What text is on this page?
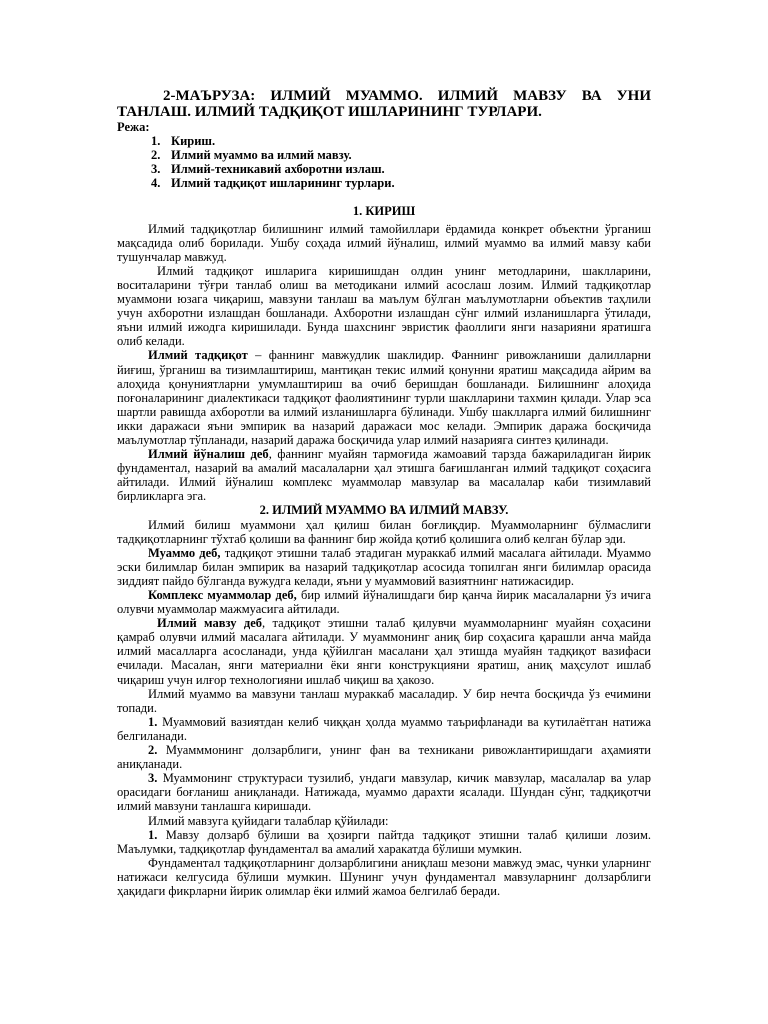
2-МАЪРУЗА: ИЛМИЙ МУАММО. ИЛМИЙ МАВЗУ ВА УНИ ТАНЛАШ. ИЛМИЙ ТАДҚИҚОТ ИШЛАРИНИНГ ТУРЛАРИ.

Режа:

1. Кириш.
2. Илмий муаммо ва илмий мавзу.
3. Илмий-техникавий ахборотни излаш.
4. Илмий тадқиқот ишларининг турлари.
1. КИРИШ

Илмий тадқиқотлар билишнинг илмий тамойиллари ёрдамида конкрет объектни ўрганиш мақсадида олиб борилади. Ушбу соҳада илмий йўналиш, илмий муаммо ва илмий мавзу каби тушунчалар мавжуд.

Илмий тадқиқот ишларига киришишдан олдин унинг методларини, шаклларини, воситаларини тўғри танлаб олиш ва методикани илмий асослаш лозим. Илмий тадқиқотлар муаммони юзага чиқариш, мавзуни танлаш ва маълум бўлган маълумотларни объектив таҳлили учун ахборотни излашдан бошланади. Ахборотни излашдан сўнг илмий изланишларга ўтилади, яъни илмий ижодга киришилади. Бунда шахснинг эвристик фаоллиги янги назарияни яратишга олиб келади.

Илмий тадқиқот – фаннинг мавжудлик шаклидир. Фаннинг ривожланиши далилларни йиғиш, ўрганиш ва тизимлаштириш, мантиқан текис илмий қонунни яратиш мақсадида айрим ва алоҳида қонуниятларни умумлаштириш ва очиб беришдан бошланади. Билишнинг алоҳида поғоналарининг диалектикаси тадқиқот фаолиятининг турли шаклларини тахмин қилади. Улар эса шартли равишда ахборотли ва илмий изланишларга бўлинади. Ушбу шаклларга илмий билишнинг икки даражаси яъни эмпирик ва назарий даражаси мос келади. Эмпирик даража босқичида маълумотлар тўпланади, назарий даража босқичида улар илмий назарияга синтез қилинади.

Илмий йўналиш деб, фаннинг муайян тармоғида жамоавий тарзда бажариладиган йирик фундаментал, назарий ва амалий масалаларни ҳал этишга бағишланган илмий тадқиқот соҳасига айтилади. Илмий йўналиш комплекс муаммолар мавзулар ва масалалар каби тизимлавий бирликларга эга.

2. ИЛМИЙ МУАММО ВА ИЛМИЙ МАВЗУ.

Илмий билиш муаммони ҳал қилиш билан боғлиқдир. Муаммоларнинг бўлмаслиги тадқиқотларнинг тўхтаб қолиши ва фаннинг бир жойда қотиб қолишига олиб келган бўлар эди.

Муаммо деб, тадқиқот этишни талаб этадиган мураккаб илмий масалага айтилади. Муаммо эски билимлар билан эмпирик ва назарий тадқиқотлар асосида топилган янги билимлар орасида зиддият пайдо бўлганда вужудга келади, яъни у муаммовий вазиятнинг натижасидир.

Комплекс муаммолар деб, бир илмий йўналишдаги бир қанча йирик масалаларни ўз ичига олувчи муаммолар мажмуасига айтилади.

Илмий мавзу деб, тадқиқот этишни талаб қилувчи муаммоларнинг муайян соҳасини қамраб олувчи илмий масалага айтилади. У муаммонинг аниқ бир соҳасига қарашли анча майда илмий масалларга асосланади, унда қўйилган масалани ҳал этишда муайян тадқиқот вазифаси ечилади. Масалан, янги материални ёки янги конструкцияни яратиш, аниқ маҳсулот ишлаб чиқариш учун илғор технологияни ишлаб чиқиш ва ҳакозо.

Илмий муаммо ва мавзуни танлаш мураккаб масаладир. У бир нечта босқичда ўз ечимини топади.

1. Муаммовий вазиятдан келиб чиққан ҳолда муаммо таърифланади ва кутилаётган натижа белгиланади.

2. Муамммонинг долзарблиги, унинг фан ва техникани ривожлантиришдаги аҳамияти аниқланади.

3. Муаммонинг структураси тузилиб, ундаги мавзулар, кичик мавзулар, масалалар ва улар орасидаги боғланиш аниқланади. Натижада, муаммо дарахти ясалади. Шундан сўнг, тадқиқотчи илмий мавзуни танлашга киришади.

Илмий мавзуга қуйидаги талаблар қўйилади:

1. Мавзу долзарб бўлиши ва ҳозирги пайтда тадқиқот этишни талаб қилиши лозим. Маълумки, тадқиқотлар фундаментал ва амалий харакатда бўлиши мумкин.

Фундаментал тадқиқотларнинг долзарблигини аниқлаш мезони мавжуд эмас, чунки уларнинг натижаси келгусида бўлиши мумкин. Шунинг учун фундаментал мавзуларнинг долзарблиги ҳақидаги фикрларни йирик олимлар ёки илмий жамоа белгилаб беради.
